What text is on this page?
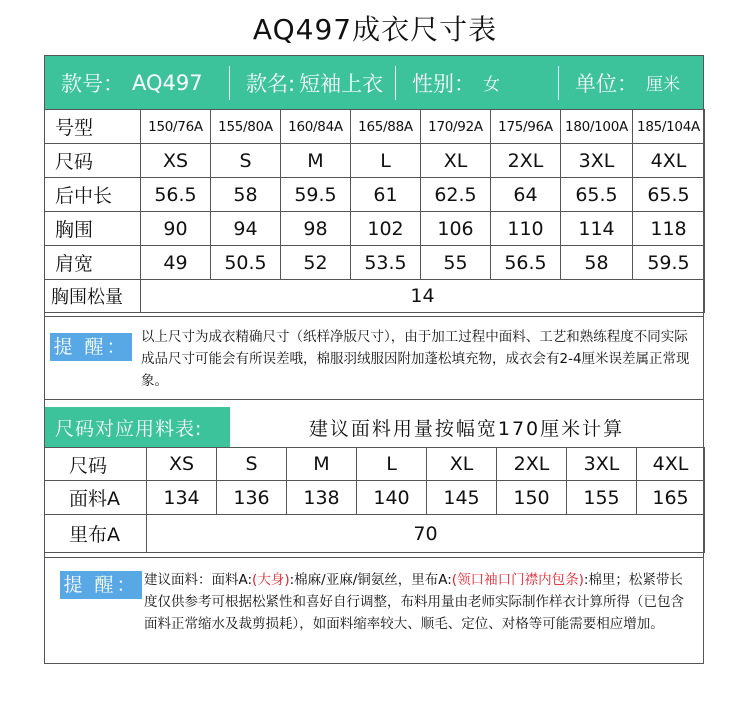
AQ497成衣尺寸表
款号： AQ497 款名: 短袖上衣 性别： 女	单位： 厘米
号型	150/76A	155/80A	160/84A	165/88A	170/92A	175/96A	180/100A	185/104A
尺码	XS	S	M	L	XL	2XL	3XL	4XL
后中长	56.5	58	59.5	61	62.5	64	65.5	65.5
胸围	90	94	98	102	106	110	114	118
肩宽	49	50.5	52	53.5	55	56.5	58	59.5
胸围松量	14							
提 醒： 以上尺寸为成衣精确尺寸（纸样净版尺寸），由于加工过程中面料、工艺和熟练程度不同实际成品尺寸可能会有所误差哦，棉服羽绒服因附加蓬松填充物，成衣会有2-4厘米误差属正常现象。
尺码对应用料表:	建议面料用量按幅宽170厘米计算
尺码	XS	S	M	L	XL	2XL	3XL	4XL
面料A	134	136	138	140	145	150	155	165
里布A	70							
提 醒： 建议面料：面料A:(大身):棉麻/亚麻/铜氨丝，里布A:(领口袖口门襟内包条):棉里；松紧带长度仅供参考可根据松紧性和喜好自行调整，布料用量由老师实际制作样衣计算所得（已包含面料正常缩水及裁剪损耗），如面料缩率较大、顺毛、定位、对格等可能需要相应增加。
